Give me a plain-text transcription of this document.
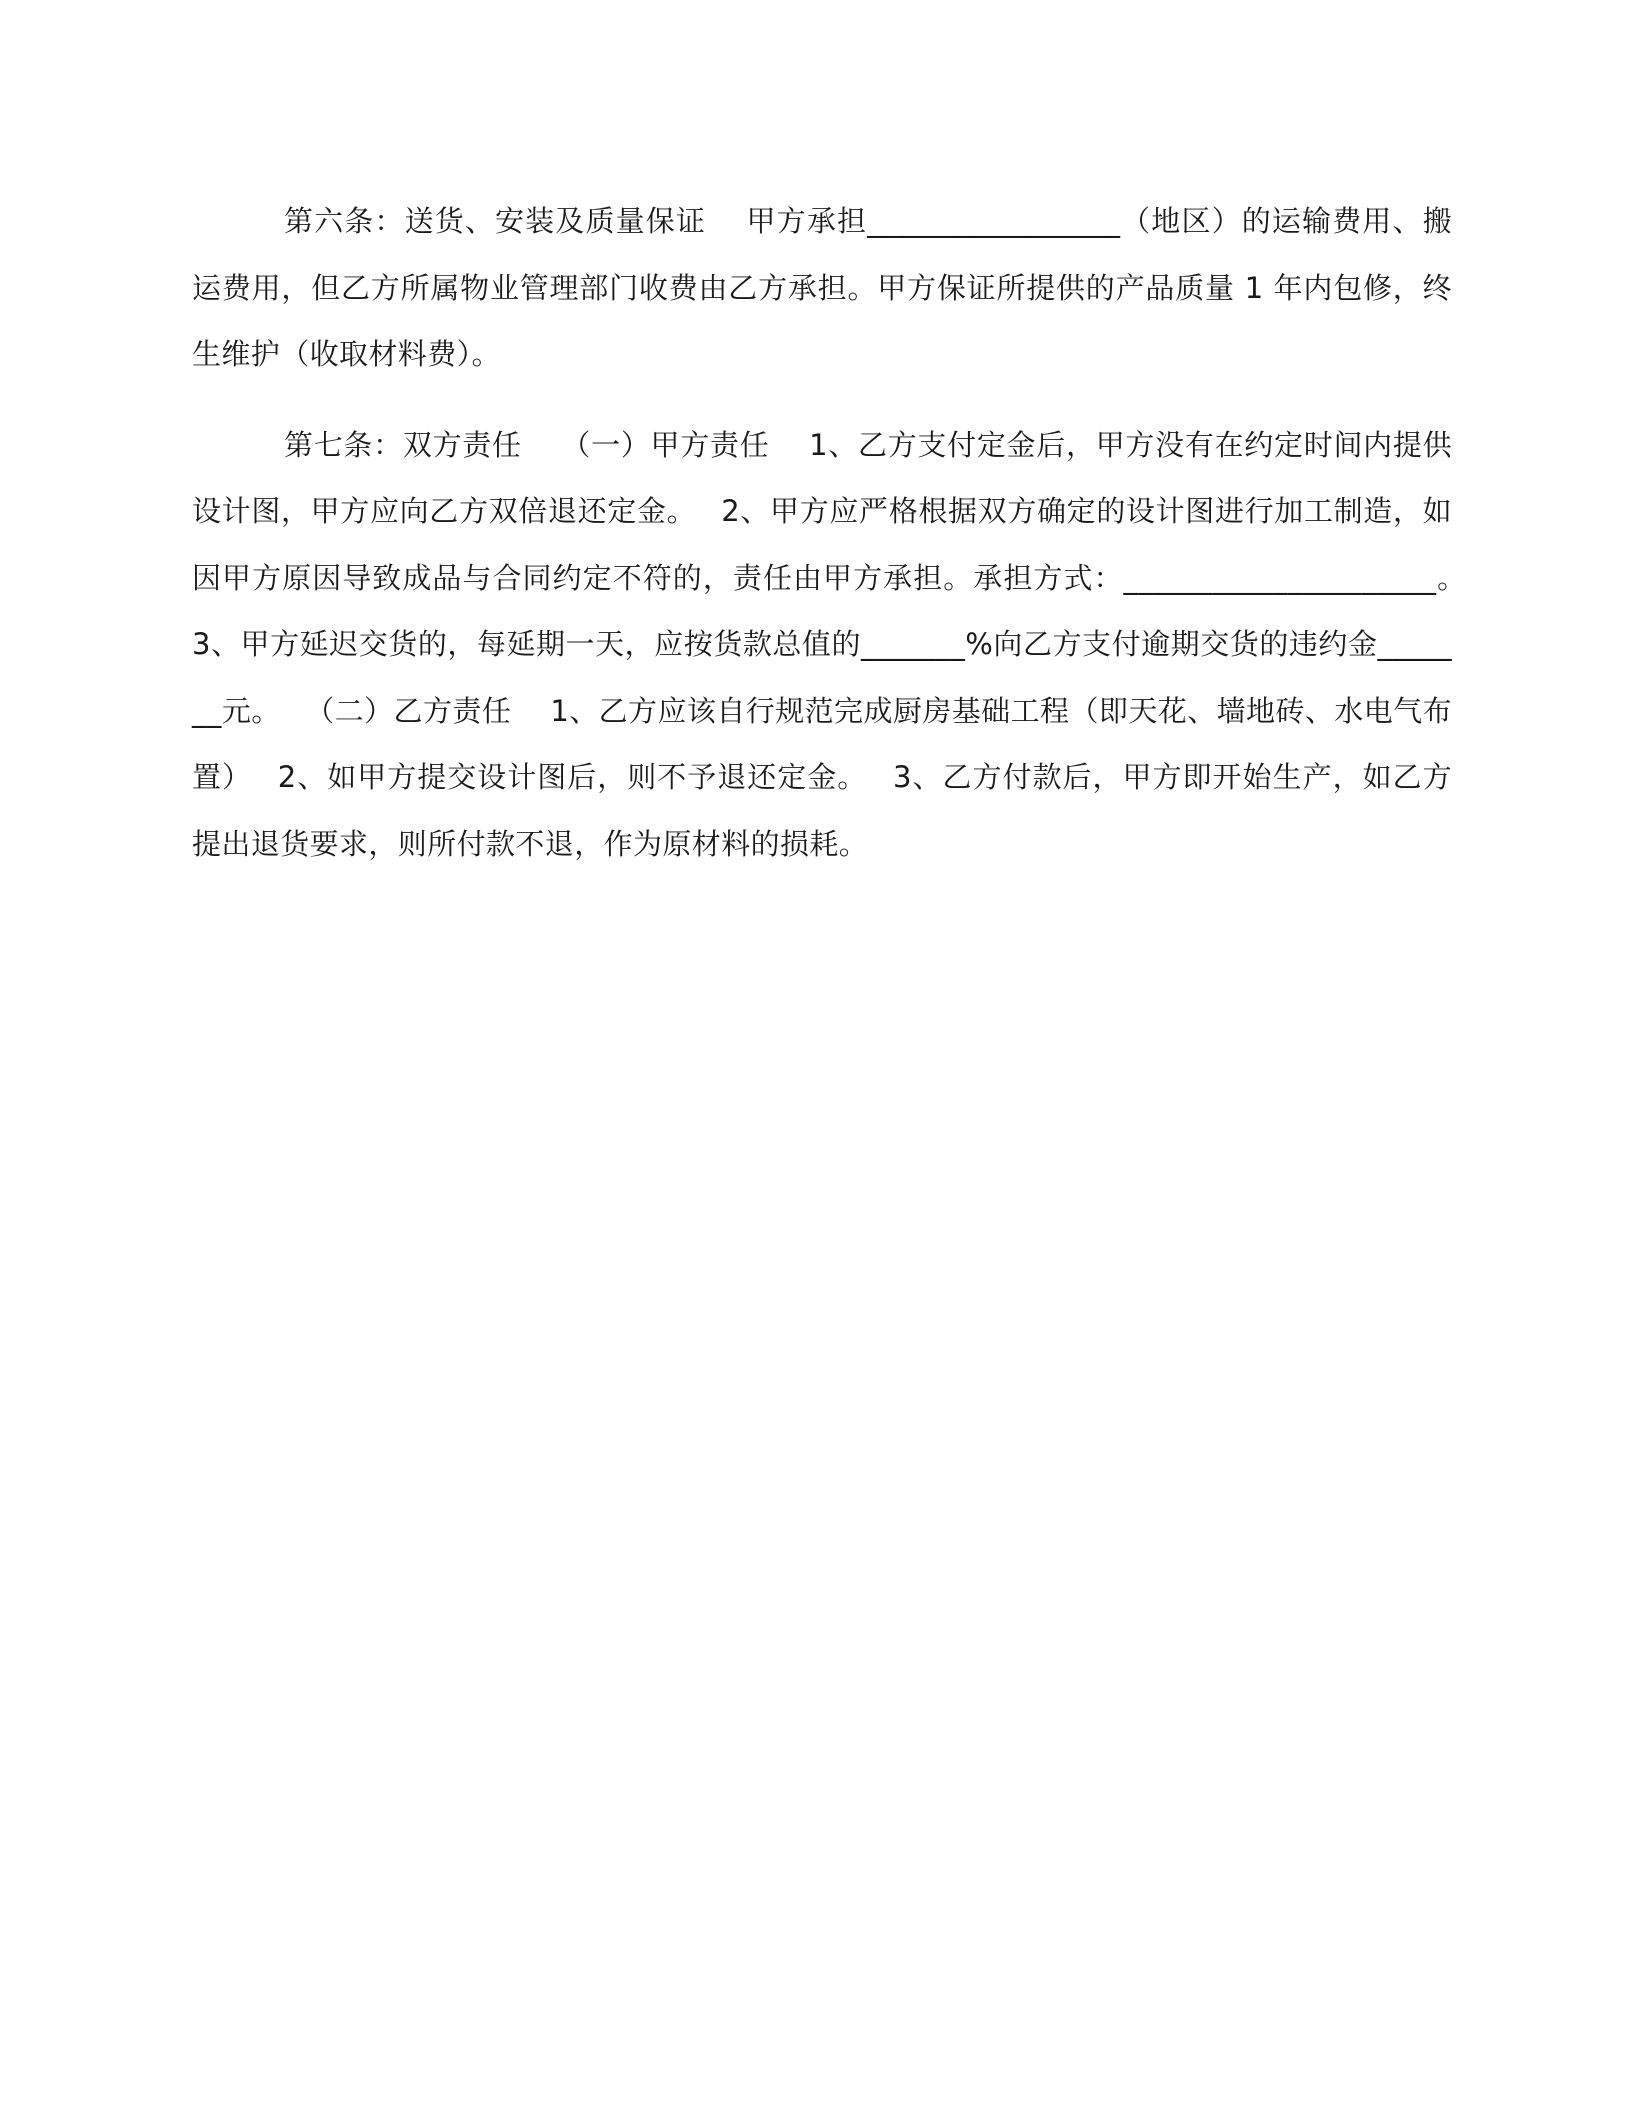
第六条：送货、安装及质量保证　 甲方承担_________________（地区）的运输费用、搬运费用，但乙方所属物业管理部门收费由乙方承担。甲方保证所提供的产品质量 1 年内包修，终生维护（收取材料费）。

第七条：双方责任　 （一）甲方责任　 1、乙方支付定金后，甲方没有在约定时间内提供设计图，甲方应向乙方双倍退还定金。　 2、甲方应严格根据双方确定的设计图进行加工制造，如因甲方原因导致成品与合同约定不符的，责任由甲方承担。承担方式：_____________________。　 3、甲方延迟交货的，每延期一天，应按货款总值的_______%向乙方支付逾期交货的违约金_______元。　 （二）乙方责任　 1、乙方应该自行规范完成厨房基础工程（即天花、墙地砖、水电气布置）　 2、如甲方提交设计图后，则不予退还定金。　 3、乙方付款后，甲方即开始生产，如乙方提出退货要求，则所付款不退，作为原材料的损耗。
